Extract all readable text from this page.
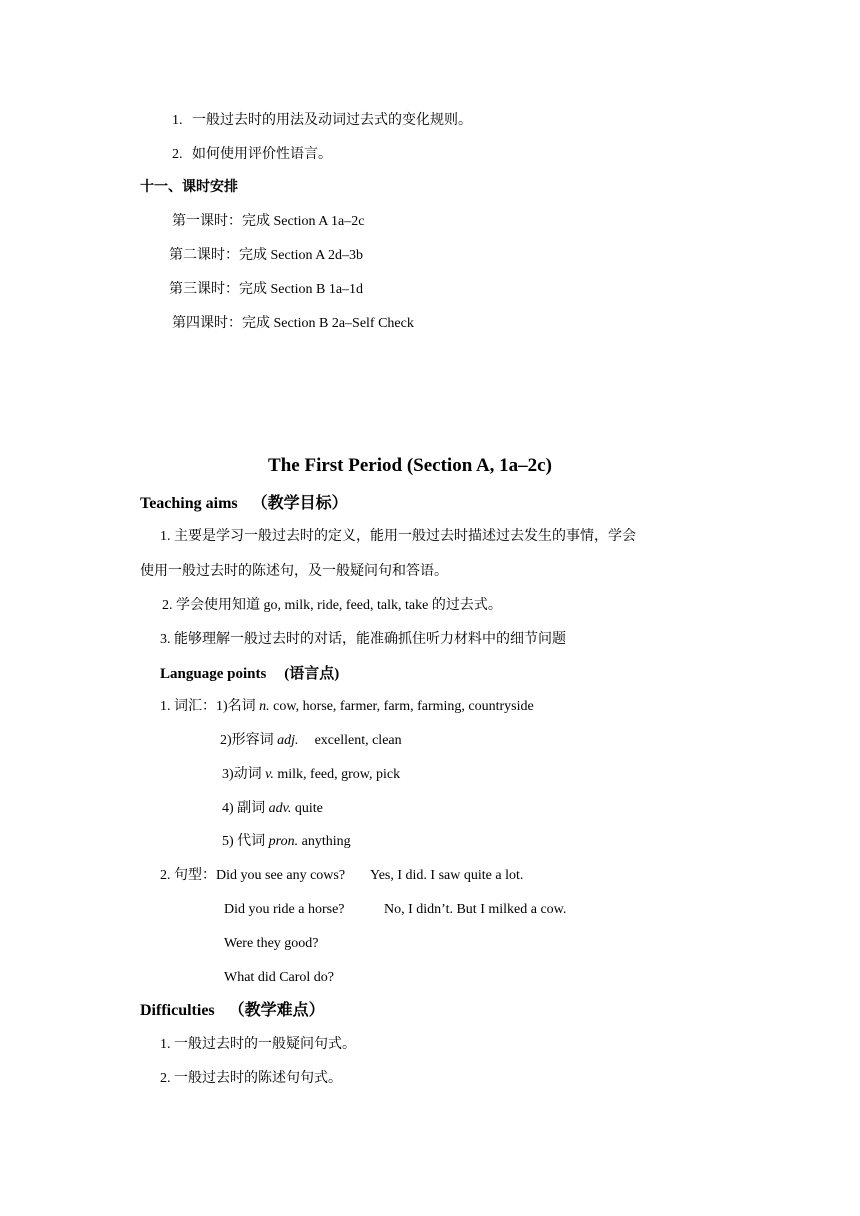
1. 一般过去时的用法及动词过去式的变化规则。
2. 如何使用评价性语言。
十一、课时安排
第一课时：完成 Section A 1a–2c
第二课时：完成 Section A 2d–3b
第三课时：完成 Section B 1a–1d
第四课时：完成 Section B 2a–Self Check
The First Period (Section A, 1a–2c)
Teaching aims （教学目标）
1. 主要是学习一般过去时的定义，能用一般过去时描述过去发生的事情，学会
使用一般过去时的陈述句，及一般疑问句和答语。
2. 学会使用知道 go, milk, ride, feed, talk, take 的过去式。
3. 能够理解一般过去时的对话，能准确抓住听力材料中的细节问题
Language points (语言点)
1. 词汇：1)名词 n. cow, horse, farmer, farm, farming, countryside
2)形容词 adj. excellent, clean
3)动词 v. milk, feed, grow, pick
4) 副词 adv. quite
5) 代词 pron. anything
2. 句型：Did you see any cows? Yes, I did. I saw quite a lot.
Did you ride a horse?	No, I didn’t. But I milked a cow.
Were they good?
What did Carol do?
Difficulties （教学难点）
1. 一般过去时的一般疑问句式。
2. 一般过去时的陈述句句式。
